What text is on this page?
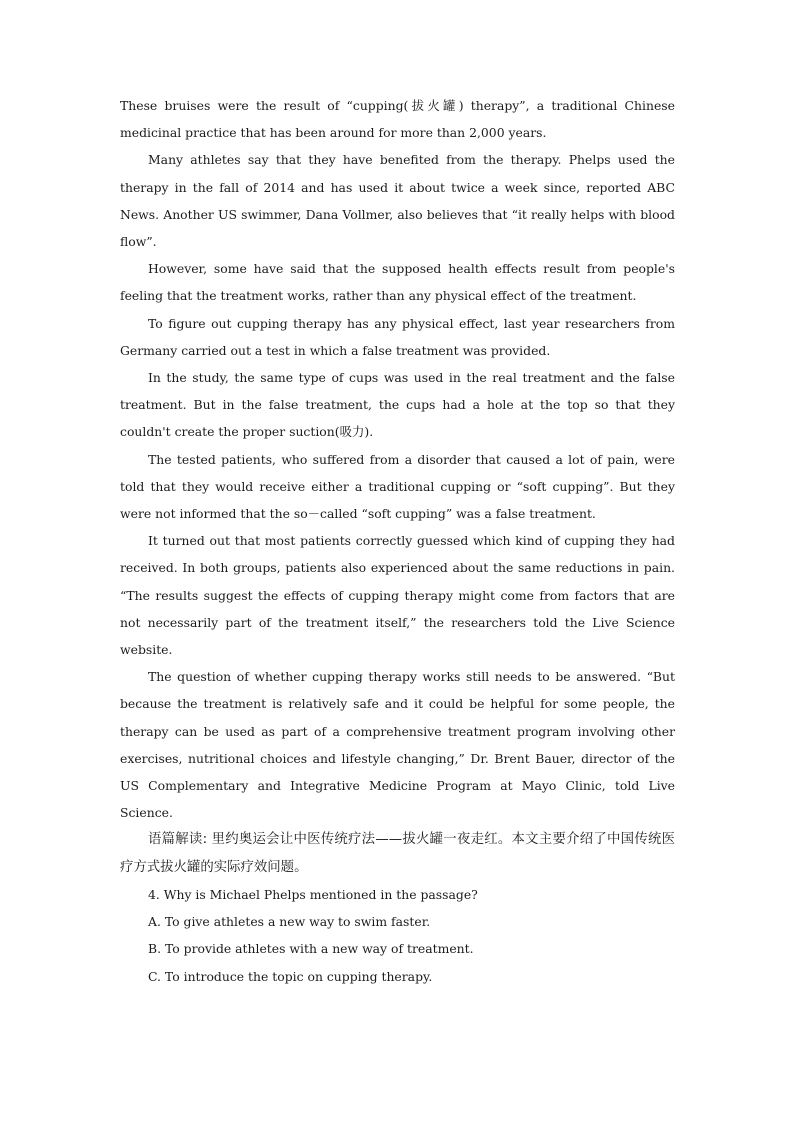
These bruises were the result of “cupping(拔火罐) therapy”, a traditional Chinese medicinal practice that has been around for more than 2,000 years.

Many athletes say that they have benefited from the therapy. Phelps used the therapy in the fall of 2014 and has used it about twice a week since, reported ABC News. Another US swimmer, Dana Vollmer, also believes that “it really helps with blood flow”.

However, some have said that the supposed health effects result from people's feeling that the treatment works, rather than any physical effect of the treatment.

To figure out cupping therapy has any physical effect, last year researchers from Germany carried out a test in which a false treatment was provided.

In the study, the same type of cups was used in the real treatment and the false treatment. But in the false treatment, the cups had a hole at the top so that they couldn't create the proper suction(吸力).

The tested patients, who suffered from a disorder that caused a lot of pain, were told that they would receive either a traditional cupping or “soft cupping”. But they were not informed that the so－called “soft cupping” was a false treatment.

It turned out that most patients correctly guessed which kind of cupping they had received. In both groups, patients also experienced about the same reductions in pain. “The results suggest the effects of cupping therapy might come from factors that are not necessarily part of the treatment itself,” the researchers told the Live Science website.

The question of whether cupping therapy works still needs to be answered. “But because the treatment is relatively safe and it could be helpful for some people, the therapy can be used as part of a comprehensive treatment program involving other exercises, nutritional choices and lifestyle changing,” Dr. Brent Bauer, director of the US Complementary and Integrative Medicine Program at Mayo Clinic, told Live Science.

语篇解读: 里约奥运会让中医传统疗法——拔火罐一夜走红。本文主要介绍了中国传统医疗方式拔火罐的实际疗效问题。

4. Why is Michael Phelps mentioned in the passage?

A. To give athletes a new way to swim faster.

B. To provide athletes with a new way of treatment.

C. To introduce the topic on cupping therapy.
